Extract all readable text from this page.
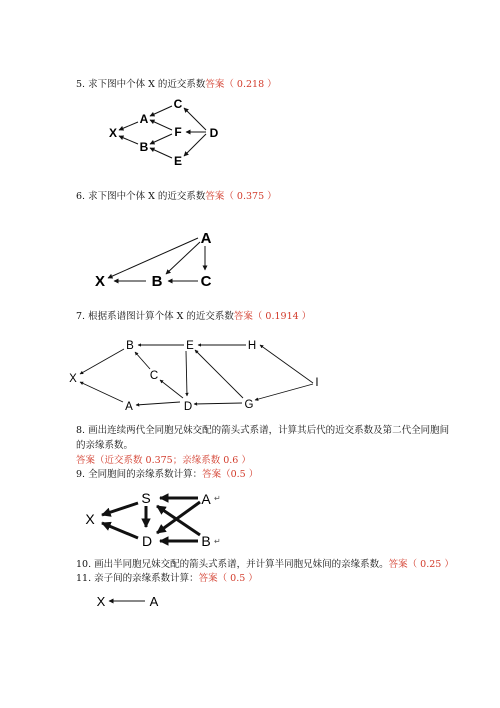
5. 求下图中个体 X 的近交系数答案（ 0.218 ）
X
A
B
C
F D
E
6. 求下图中个体 X 的近交系数答案（ 0.375 ）
A
X	B	C
7. 根据系谱图计算个体 X 的近交系数答案（ 0.1914 ）
B	E	H
X	C
I
A	D	G
8. 画出连续两代全同胞兄妹交配的箭头式系谱，计算其后代的近交系数及第二代全同胞间
的亲缘系数。
答案（近交系数 0.375；亲缘系数 0.6 ）
9. 全同胞间的亲缘系数计算：答案（0.5 ）
S	A
X
D	B
↵
↵
10. 画出半同胞兄妹交配的箭头式系谱，并计算半同胞兄妹间的亲缘系数。答案（ 0.25 ）
11. 亲子间的亲缘系数计算：答案（ 0.5 ）
X	A
